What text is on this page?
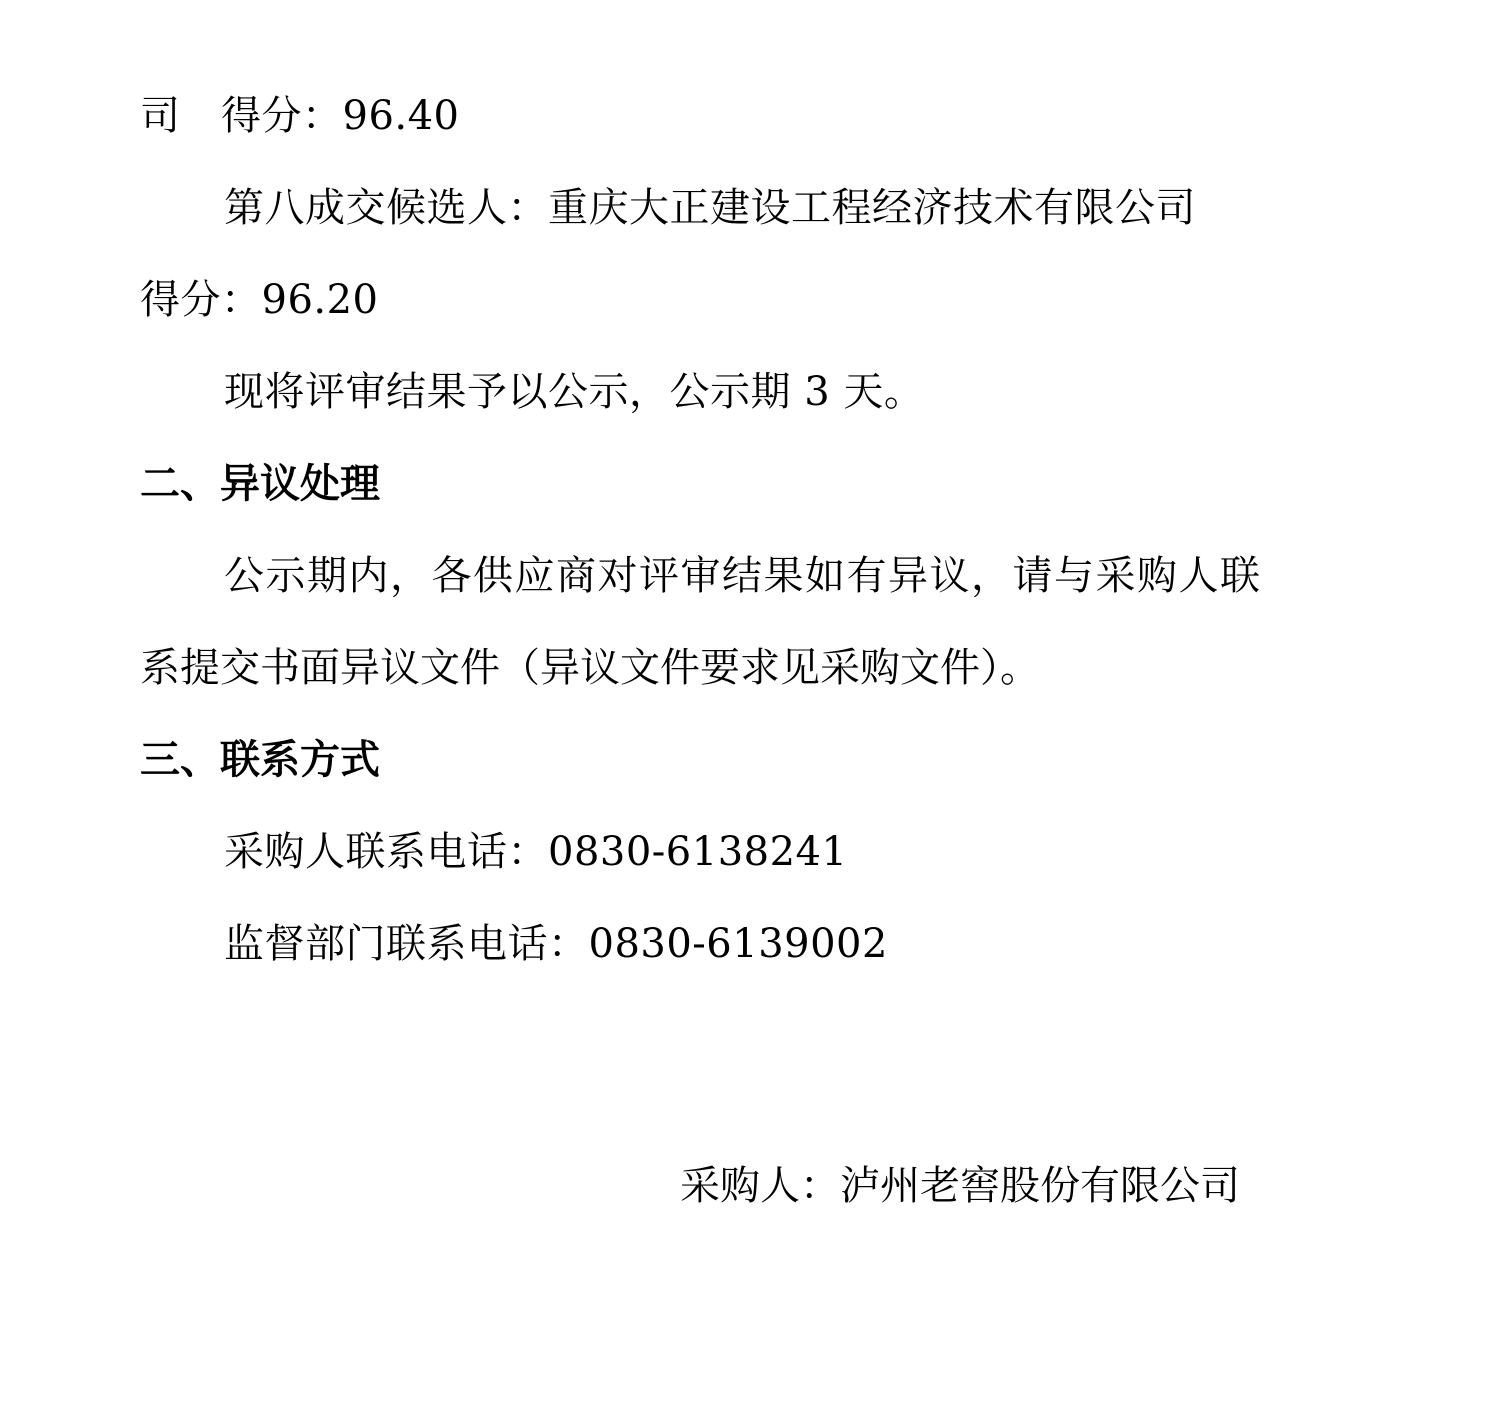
司　得分：96.40
第八成交候选人：重庆大正建设工程经济技术有限公司
得分：96.20
现将评审结果予以公示，公示期 3 天。
二、异议处理
公示期内，各供应商对评审结果如有异议，请与采购人联系提交书面异议文件（异议文件要求见采购文件）。
三、联系方式
采购人联系电话：0830-6138241
监督部门联系电话：0830-6139002
采购人：泸州老窖股份有限公司
